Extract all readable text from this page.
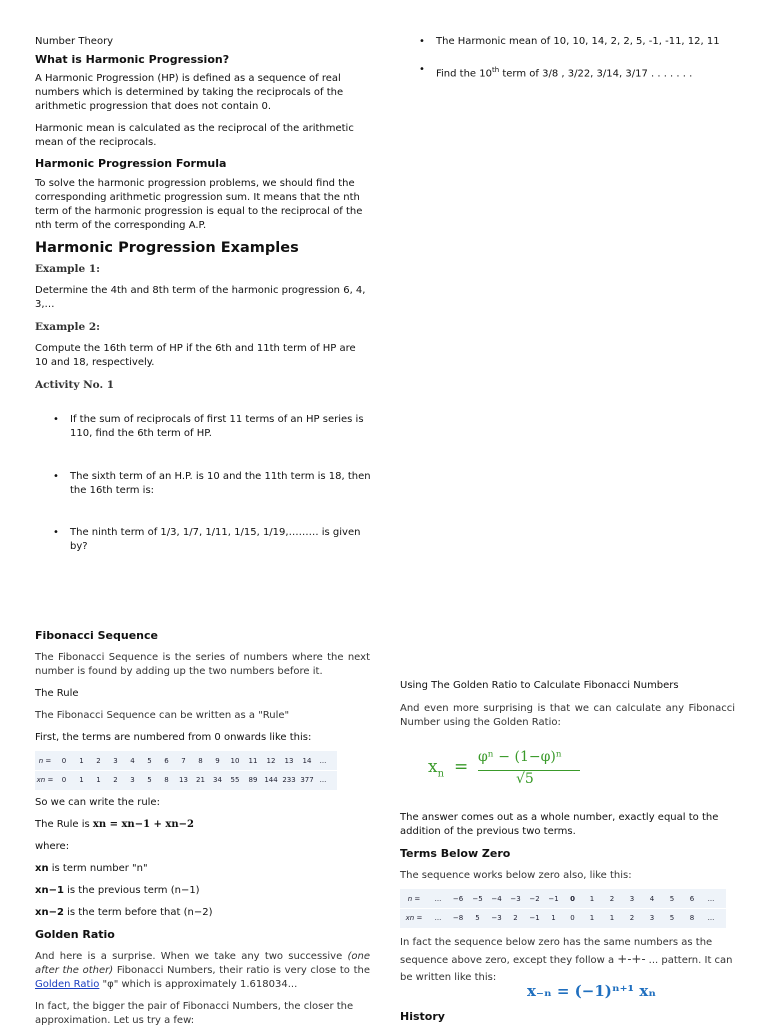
Number Theory

What is Harmonic Progression?

A Harmonic Progression (HP) is defined as a sequence of real numbers which is determined by taking the reciprocals of the arithmetic progression that does not contain 0.

Harmonic mean is calculated as the reciprocal of the arithmetic mean of the reciprocals.

Harmonic Progression Formula

To solve the harmonic progression problems, we should find the corresponding arithmetic progression sum. It means that the nth term of the harmonic progression is equal to the reciprocal of the nth term of the corresponding A.P.

Harmonic Progression Examples

Example 1:

Determine the 4th and 8th term of the harmonic progression 6, 4, 3,…

Example 2:

Compute the 16th term of HP if the 6th and 11th term of HP are 10 and 18, respectively.

Activity No. 1

• If the sum of reciprocals of first 11 terms of an HP series is 110, find the 6th term of HP.
• The sixth term of an H.P. is 10 and the 11th term is 18, then the 16th term is:
• The ninth term of 1/3, 1/7, 1/11, 1/15, 1/19,……… is given by?

Fibonacci Sequence

The Fibonacci Sequence is the series of numbers where the next number is found by adding up the two numbers before it.

The Rule

The Fibonacci Sequence can be written as a "Rule"

First, the terms are numbered from 0 onwards like this:

n =	0	1	2	3	4	5	6	7	8	9	10	11	12	13	14	...
xn =	0	1	1	2	3	5	8	13	21	34	55	89 144 233 377 ...

So we can write the rule:

The Rule is xn = xn−1 + xn−2

where:

xn is term number "n"

xn−1 is the previous term (n−1)

xn−2 is the term before that (n−2)

Golden Ratio

And here is a surprise. When we take any two successive (one after the other) Fibonacci Numbers, their ratio is very close to the Golden Ratio "φ" which is approximately 1.618034...

In fact, the bigger the pair of Fibonacci Numbers, the closer the approximation. Let us try a few:

• The Harmonic mean of 10, 10, 14, 2, 2, 5, -1, -11, 12, 11
• Find the 10th term of 3/8 , 3/22, 3/14, 3/17 . . . . . . .

Using The Golden Ratio to Calculate Fibonacci Numbers

And even more surprising is that we can calculate any Fibonacci Number using the Golden Ratio:

$x_n = \varphi^n - (1-\varphi)^n$
√5

The answer comes out as a whole number, exactly equal to the addition of the previous two terms.

Terms Below Zero

The sequence works below zero also, like this:

n =	...	−6	−5	−4	−3	−2	−1	0	1	2	3	4	5	6	...
xn =	...	−8	5	−3	2	−1	1	0	1	1	2	3	5	8	...

In fact the sequence below zero has the same numbers as the sequence above zero, except they follow a +-+- ... pattern. It can be written like this:

x₋ₙ = (−1)ⁿ⁺¹ xₙ

History
